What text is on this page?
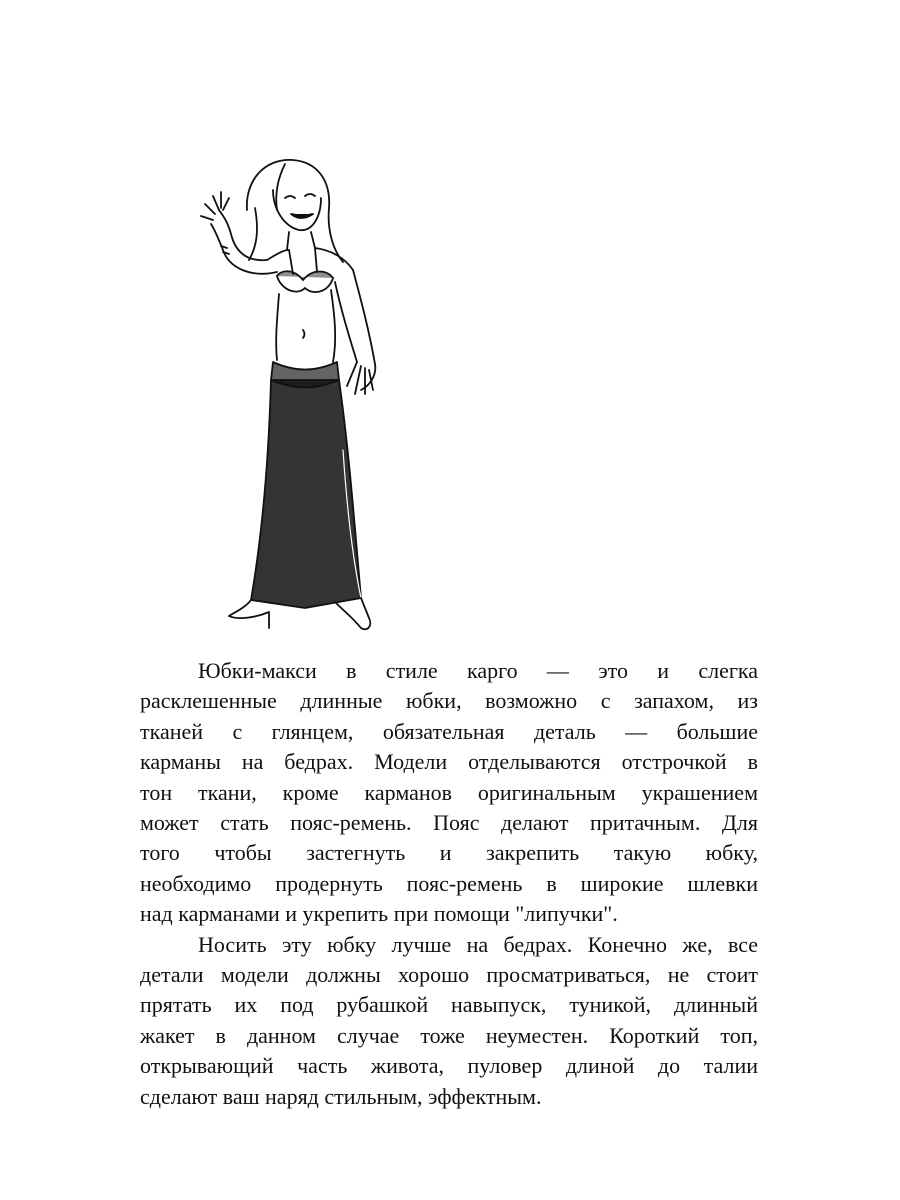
Юбки-макси в стиле карго — это и слегка
расклешенные длинные юбки, возможно с запахом, из
тканей с глянцем, обязательная деталь — большие
карманы на бедрах. Модели отделываются отстрочкой в
тон ткани, кроме карманов оригинальным украшением
может стать пояс-ремень. Пояс делают притачным. Для
того чтобы застегнуть и закрепить такую юбку,
необходимо продернуть пояс-ремень в широкие шлевки
над карманами и укрепить при помощи "липучки".

Носить эту юбку лучше на бедрах. Конечно же, все
детали модели должны хорошо просматриваться, не стоит
прятать их под рубашкой навыпуск, туникой, длинный
жакет в данном случае тоже неуместен. Короткий топ,
открывающий часть живота, пуловер длиной до талии
сделают ваш наряд стильным, эффектным.
